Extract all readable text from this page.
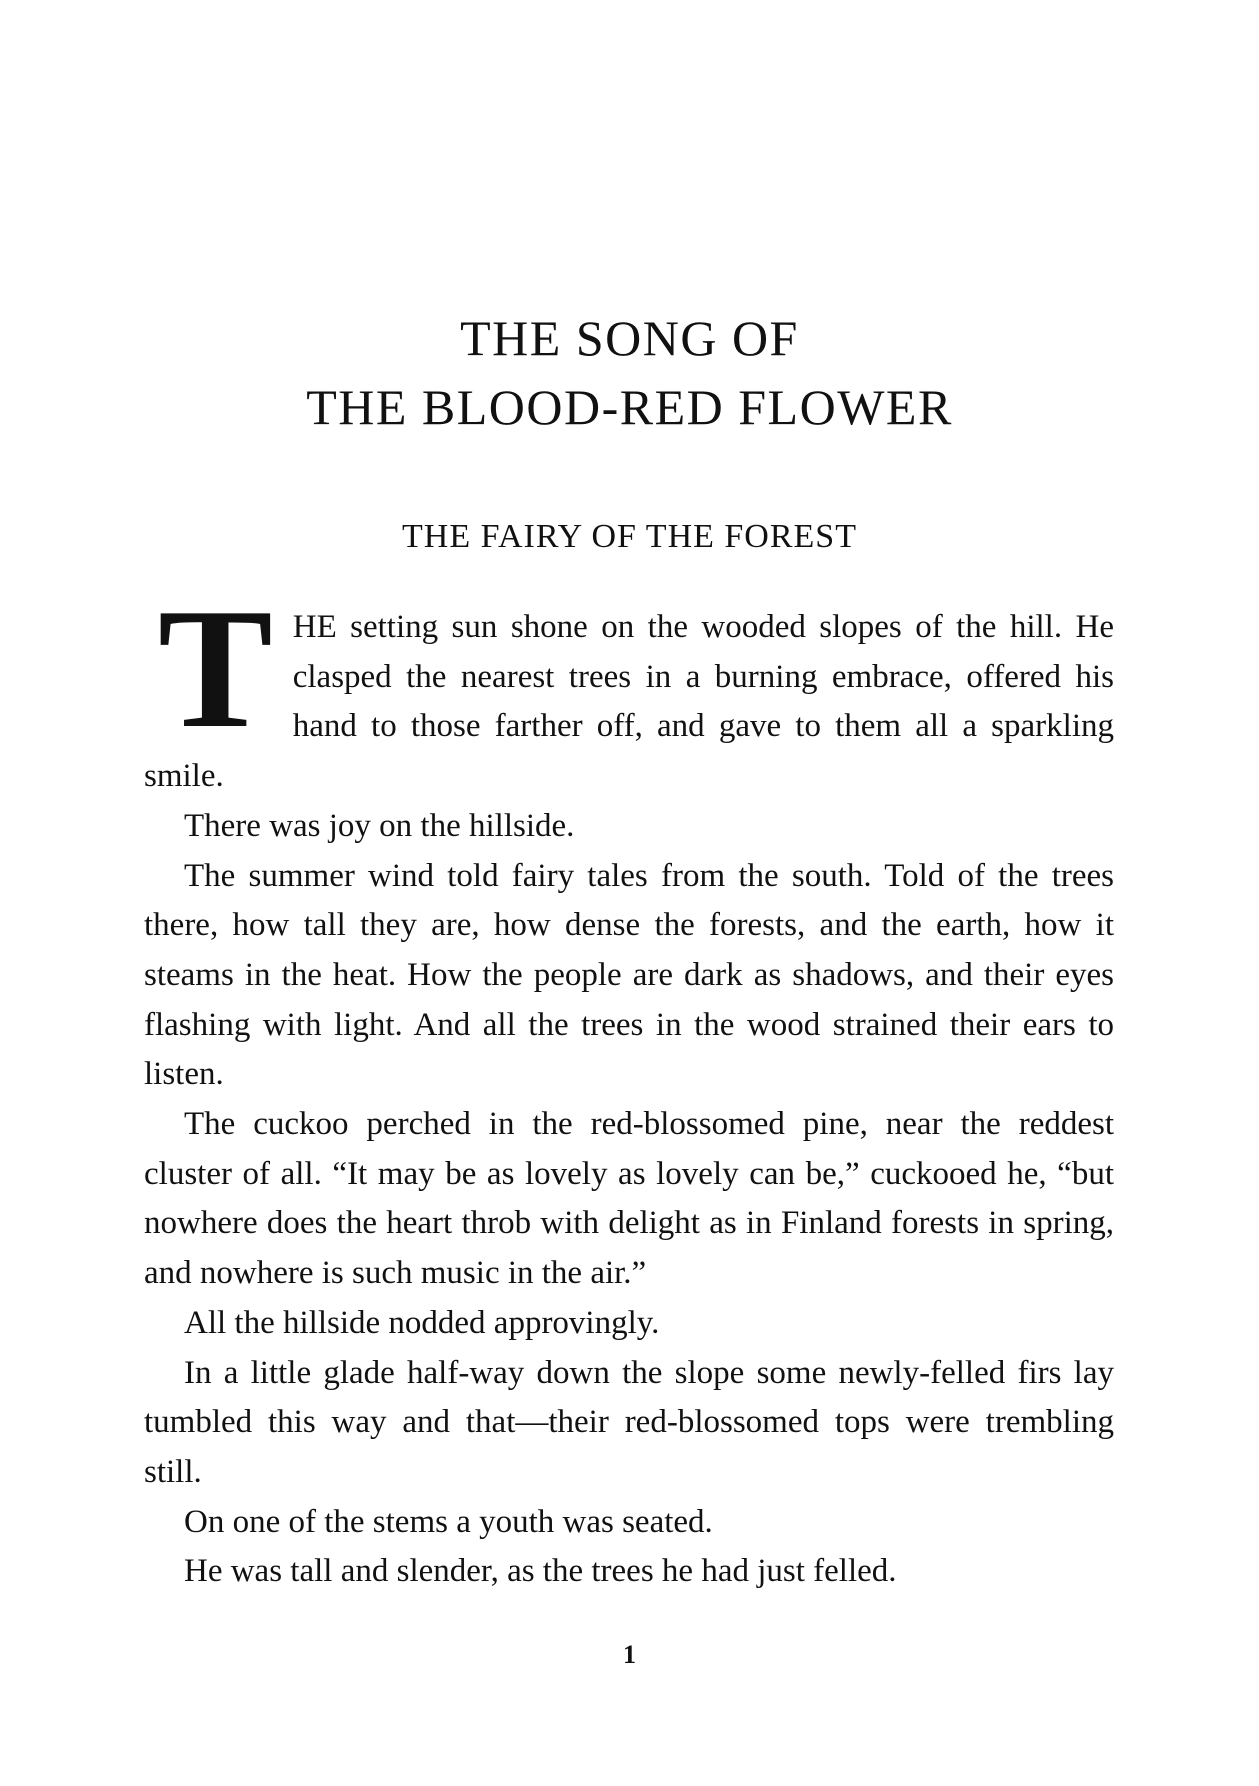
THE SONG OF
THE BLOOD-RED FLOWER
THE FAIRY OF THE FOREST

THE setting sun shone on the wooded slopes of the hill. He clasped the nearest trees in a burning embrace, offered his hand to those farther off, and gave to them all a sparkling smile.

There was joy on the hillside.

The summer wind told fairy tales from the south. Told of the trees there, how tall they are, how dense the forests, and the earth, how it steams in the heat. How the people are dark as shadows, and their eyes flashing with light. And all the trees in the wood strained their ears to listen.

The cuckoo perched in the red-blossomed pine, near the reddest cluster of all. “It may be as lovely as lovely can be,” cuckooed he, “but nowhere does the heart throb with delight as in Finland forests in spring, and nowhere is such music in the air.”

All the hillside nodded approvingly.

In a little glade half-way down the slope some newly-felled firs lay tumbled this way and that—their red-blossomed tops were trembling still.

On one of the stems a youth was seated.

He was tall and slender, as the trees he had just felled.

1
